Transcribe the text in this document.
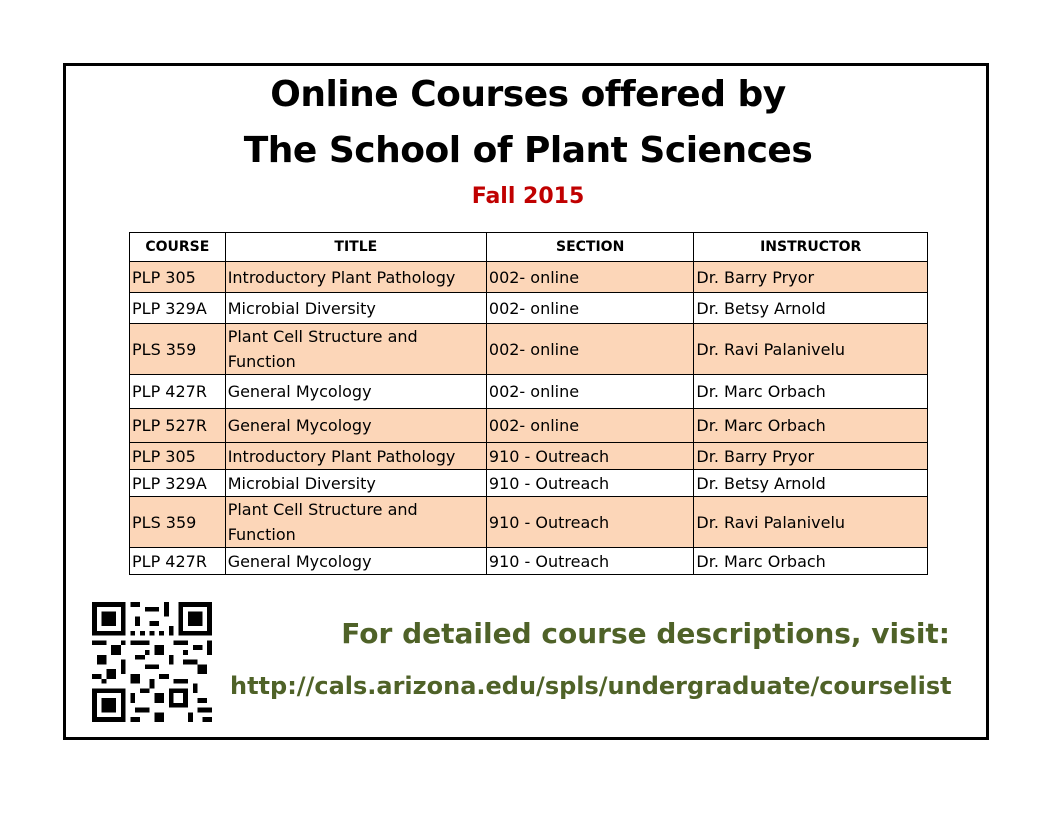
Online Courses offered by
The School of Plant Sciences
Fall 2015
COURSE	TITLE	SECTION	INSTRUCTOR
PLP 305	Introductory Plant Pathology	002- online	Dr. Barry Pryor
PLP 329A	Microbial Diversity	002- online	Dr. Betsy Arnold
PLS 359	Plant Cell Structure and Function	002- online	Dr. Ravi Palanivelu
PLP 427R	General Mycology	002- online	Dr. Marc Orbach
PLP 527R	General Mycology	002- online	Dr. Marc Orbach
PLP 305	Introductory Plant Pathology	910 - Outreach	Dr. Barry Pryor
PLP 329A	Microbial Diversity	910 - Outreach	Dr. Betsy Arnold
PLS 359	Plant Cell Structure and Function	910 - Outreach	Dr. Ravi Palanivelu
PLP 427R	General Mycology	910 - Outreach	Dr. Marc Orbach
For detailed course descriptions, visit:
http://cals.arizona.edu/spls/undergraduate/courselist
